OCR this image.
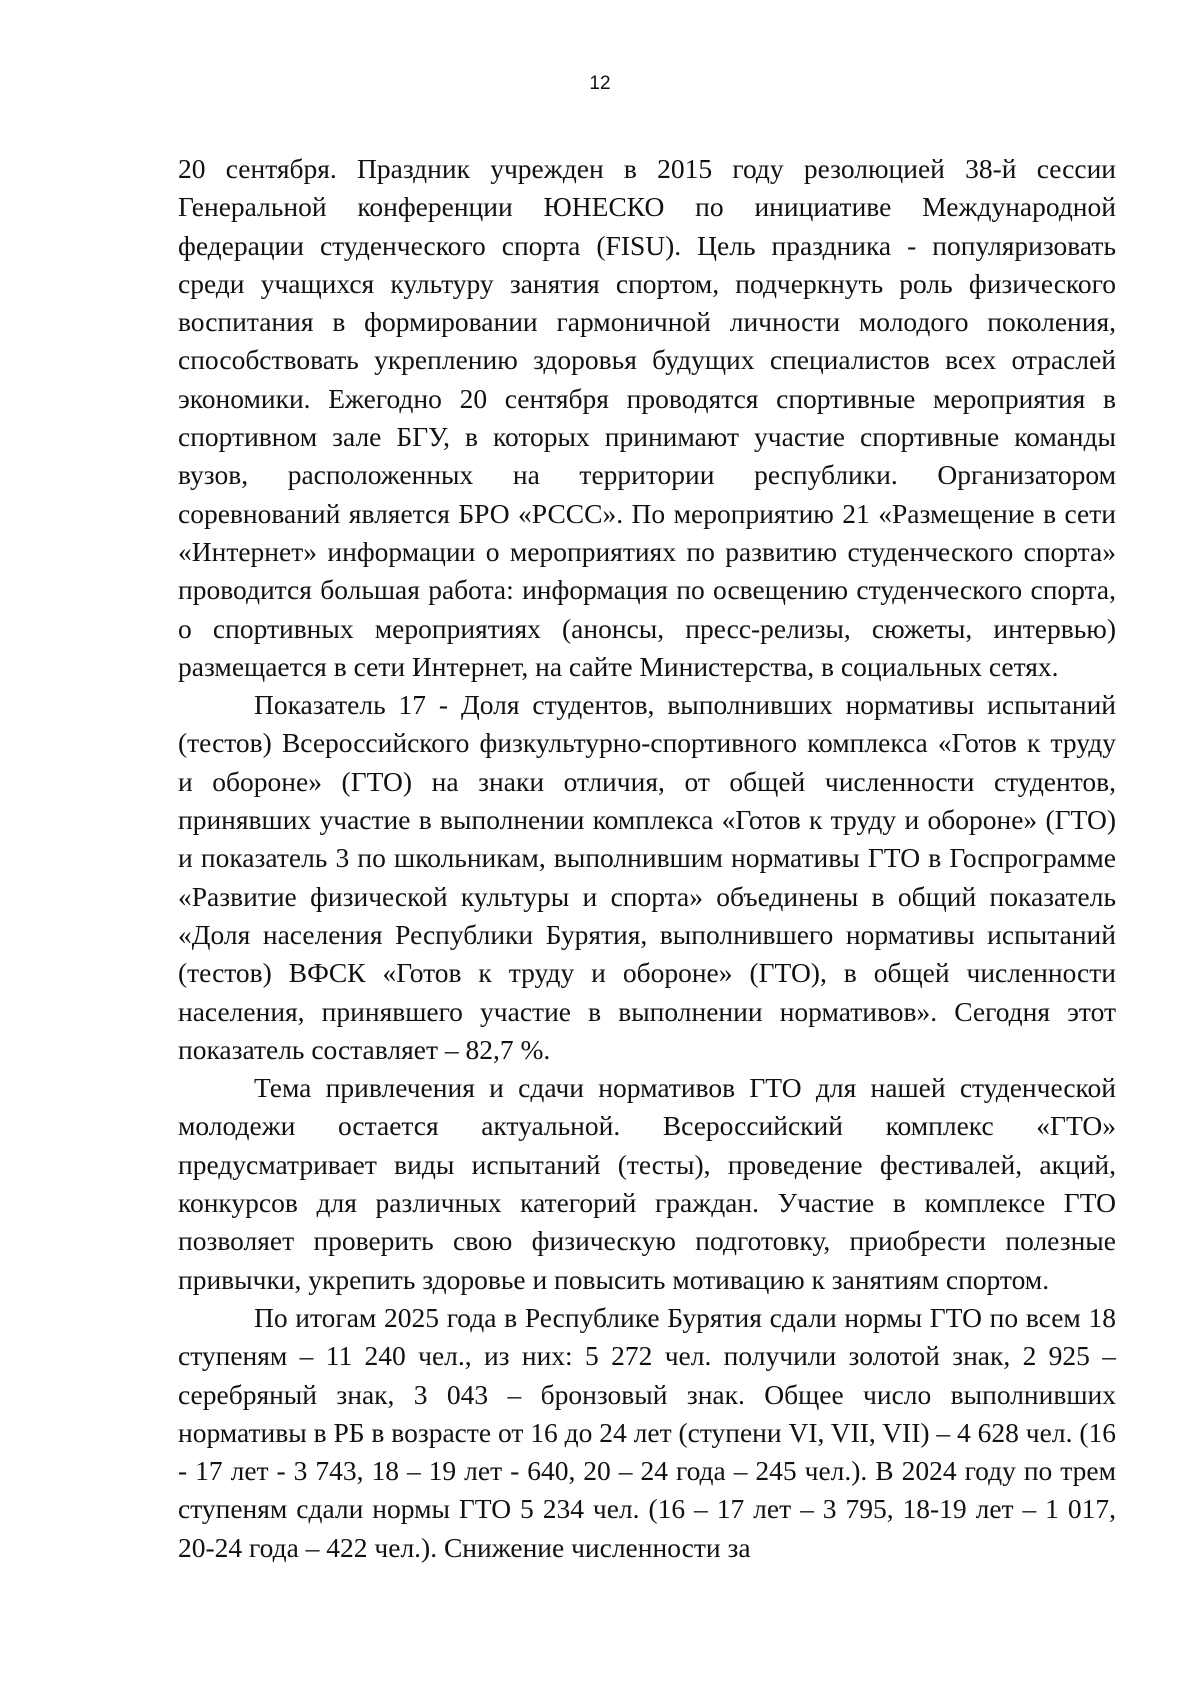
12

20 сентября. Праздник учрежден в 2015 году резолюцией 38-й сессии Генеральной конференции ЮНЕСКО по инициативе Международной федерации студенческого спорта (FISU). Цель праздника - популяризовать среди учащихся культуру занятия спортом, подчеркнуть роль физического воспитания в формировании гармоничной личности молодого поколения, способствовать укреплению здоровья будущих специалистов всех отраслей экономики. Ежегодно 20 сентября проводятся спортивные мероприятия в спортивном зале БГУ, в которых принимают участие спортивные команды вузов, расположенных на территории республики. Организатором соревнований является БРО «РССС». По мероприятию 21 «Размещение в сети «Интернет» информации о мероприятиях по развитию студенческого спорта» проводится большая работа: информация по освещению студенческого спорта, о спортивных мероприятиях (анонсы, пресс-релизы, сюжеты, интервью) размещается в сети Интернет, на сайте Министерства, в социальных сетях.

Показатель 17 - Доля студентов, выполнивших нормативы испытаний (тестов) Всероссийского физкультурно-спортивного комплекса «Готов к труду и обороне» (ГТО) на знаки отличия, от общей численности студентов, принявших участие в выполнении комплекса «Готов к труду и обороне» (ГТО) и показатель 3 по школьникам, выполнившим нормативы ГТО в Госпрограмме «Развитие физической культуры и спорта» объединены в общий показатель «Доля населения Республики Бурятия, выполнившего нормативы испытаний (тестов) ВФСК «Готов к труду и обороне» (ГТО), в общей численности населения, принявшего участие в выполнении нормативов». Сегодня этот показатель составляет – 82,7 %.

Тема привлечения и сдачи нормативов ГТО для нашей студенческой молодежи остается актуальной. Всероссийский комплекс «ГТО» предусматривает виды испытаний (тесты), проведение фестивалей, акций, конкурсов для различных категорий граждан. Участие в комплексе ГТО позволяет проверить свою физическую подготовку, приобрести полезные привычки, укрепить здоровье и повысить мотивацию к занятиям спортом.

По итогам 2025 года в Республике Бурятия сдали нормы ГТО по всем 18 ступеням – 11 240 чел., из них: 5 272 чел. получили золотой знак, 2 925 – серебряный знак, 3 043 – бронзовый знак. Общее число выполнивших нормативы в РБ в возрасте от 16 до 24 лет (ступени VI, VII, VII) – 4 628 чел. (16 - 17 лет - 3 743, 18 – 19 лет - 640, 20 – 24 года – 245 чел.). В 2024 году по трем ступеням сдали нормы ГТО 5 234 чел. (16 – 17 лет – 3 795, 18-19 лет – 1 017, 20-24 года – 422 чел.). Снижение численности за
